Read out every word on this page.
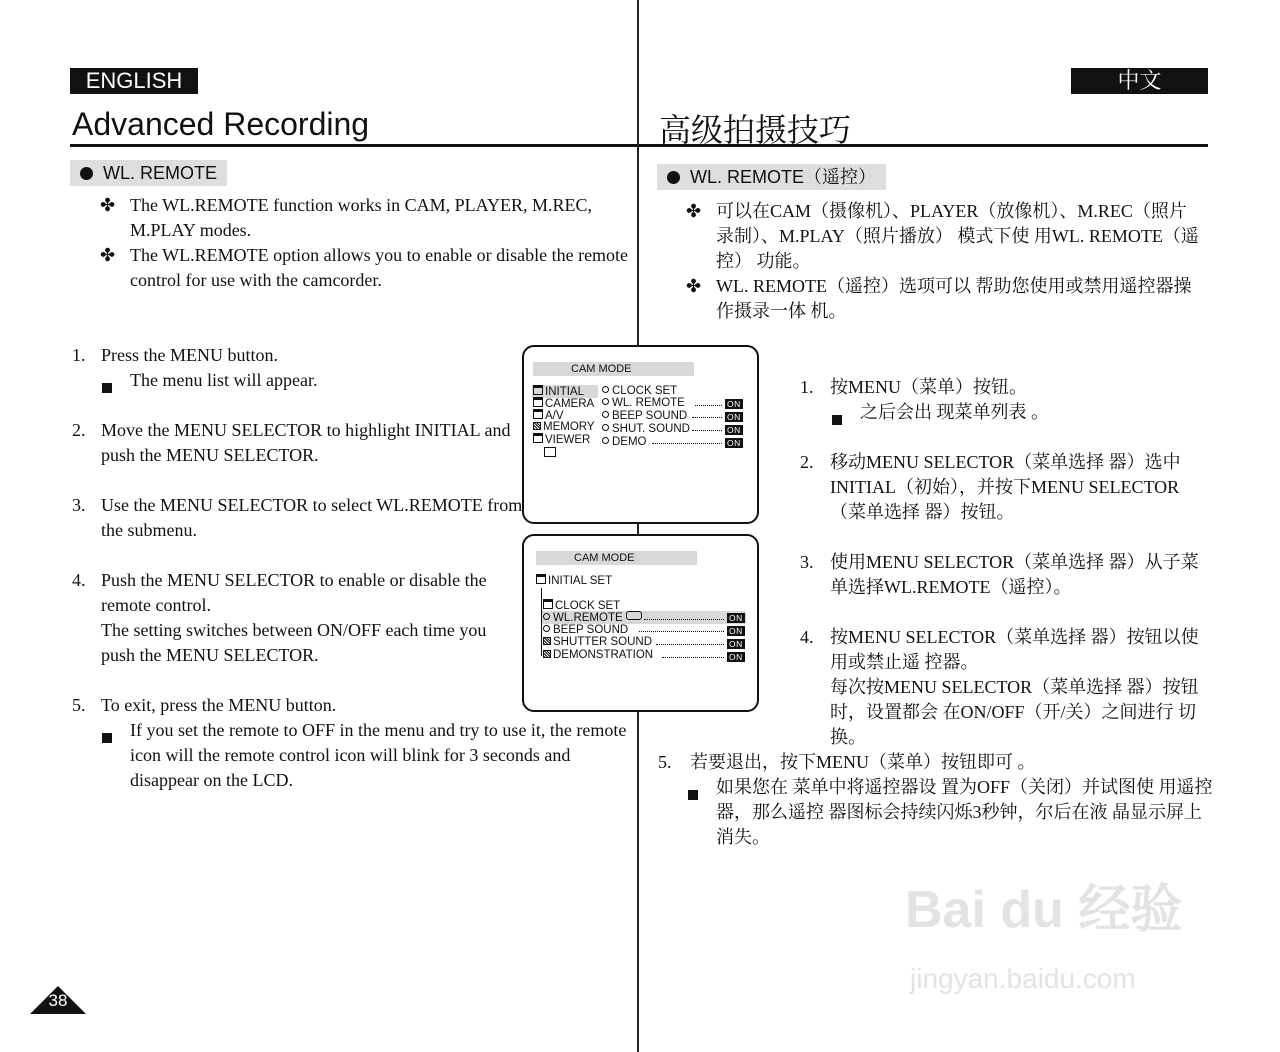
ENGLISH
Advanced Recording
WL. REMOTE
✤ The WL.REMOTE function works in CAM, PLAYER, M.REC, M.PLAY modes.
✤ The WL.REMOTE option allows you to enable or disable the remote control for use with the camcorder.
1. Press the MENU button.
The menu list will appear.
2. Move the MENU SELECTOR to highlight INITIAL and push the MENU SELECTOR.
3. Use the MENU SELECTOR to select WL.REMOTE from the submenu.
4. Push the MENU SELECTOR to enable or disable the remote control.
The setting switches between ON/OFF each time you push the MENU SELECTOR.
5. To exit, press the MENU button.
If you set the remote to OFF in the menu and try to use it, the remote icon will the remote control icon will blink for 3 seconds and disappear on the LCD.
CAM MODE
INITIAL
CAMERA
A/V
MEMORY
VIEWER
CLOCK SET
WL. REMOTE
BEEP SOUND
SHUT. SOUND
DEMO
ON
ON
ON
ON
CAM MODE
INITIAL SET
CLOCK SET
WL.REMOTE
BEEP SOUND
SHUTTER SOUND
DEMONSTRATION
ON
ON
ON
ON
中文
高级拍摄技巧
WL. REMOTE（遥控）
✤ 可以在CAM（摄像机）、PLAYER（放像机）、M.REC（照片录制）、M.PLAY（照片播放） 模式下使 用WL. REMOTE（遥控） 功能。
✤ WL. REMOTE（遥控）选项可以 帮助您使用或禁用遥控器操作摄录一体 机。
1. 按MENU（菜单）按钮。
之后会出 现菜单列表 。
2. 移动MENU SELECTOR（菜单选择 器）选中INITIAL（初始），并按下MENU SELECTOR（菜单选择 器）按钮。
3. 使用MENU SELECTOR（菜单选择 器）从子菜单选择WL.REMOTE（遥控）。
4. 按MENU SELECTOR（菜单选择 器）按钮以使 用或禁止遥 控器。
每次按MENU SELECTOR（菜单选择 器）按钮时，设置都会 在ON/OFF（开/关）之间进行 切换。
5. 若要退出，按下MENU（菜单）按钮即可 。
如果您在 菜单中将遥控器设 置为OFF（关闭）并试图使 用遥控器，那么遥控 器图标会持续闪烁3秒钟，尔后在液 晶显示屏上消失。
Bai du 经验
jingyan.baidu.com
38
